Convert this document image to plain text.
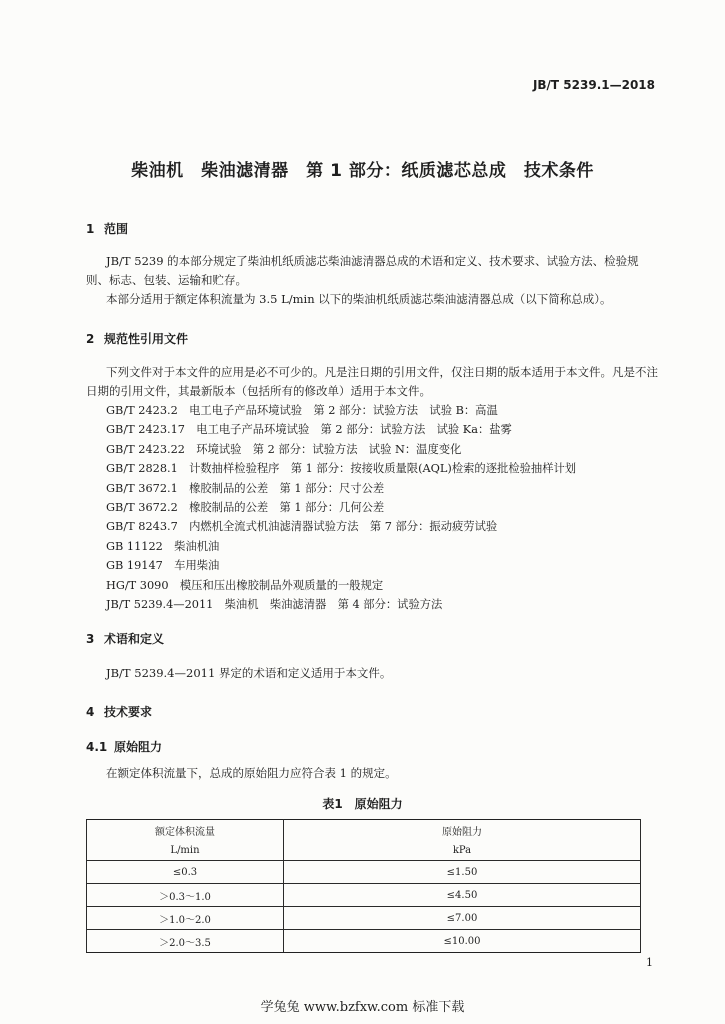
JB/T 5239.1—2018
柴油机　柴油滤清器　第 1 部分：纸质滤芯总成　技术条件
1 范围
JB/T 5239 的本部分规定了柴油机纸质滤芯柴油滤清器总成的术语和定义、技术要求、试验方法、检验规则、标志、包装、运输和贮存。
本部分适用于额定体积流量为 3.5 L/min 以下的柴油机纸质滤芯柴油滤清器总成（以下简称总成）。
2 规范性引用文件
下列文件对于本文件的应用是必不可少的。凡是注日期的引用文件，仅注日期的版本适用于本文件。凡是不注日期的引用文件，其最新版本（包括所有的修改单）适用于本文件。
GB/T 2423.2　电工电子产品环境试验　第 2 部分：试验方法　试验 B：高温
GB/T 2423.17　电工电子产品环境试验　第 2 部分：试验方法　试验 Ka：盐雾
GB/T 2423.22　环境试验　第 2 部分：试验方法　试验 N：温度变化
GB/T 2828.1　计数抽样检验程序　第 1 部分：按接收质量限(AQL)检索的逐批检验抽样计划
GB/T 3672.1　橡胶制品的公差　第 1 部分：尺寸公差
GB/T 3672.2　橡胶制品的公差　第 1 部分：几何公差
GB/T 8243.7　内燃机全流式机油滤清器试验方法　第 7 部分：振动疲劳试验
GB 11122　柴油机油
GB 19147　车用柴油
HG/T 3090　模压和压出橡胶制品外观质量的一般规定
JB/T 5239.4—2011　柴油机　柴油滤清器　第 4 部分：试验方法
3 术语和定义
JB/T 5239.4—2011 界定的术语和定义适用于本文件。
4 技术要求
4.1 原始阻力
在额定体积流量下，总成的原始阻力应符合表 1 的规定。
表1　原始阻力
额定体积流量	原始阻力
L/min	kPa
≤0.3	≤1.50
＞0.3～1.0	≤4.50
＞1.0～2.0	≤7.00
＞2.0～3.5	≤10.00
1
学兔兔 www.bzfxw.com 标准下载
